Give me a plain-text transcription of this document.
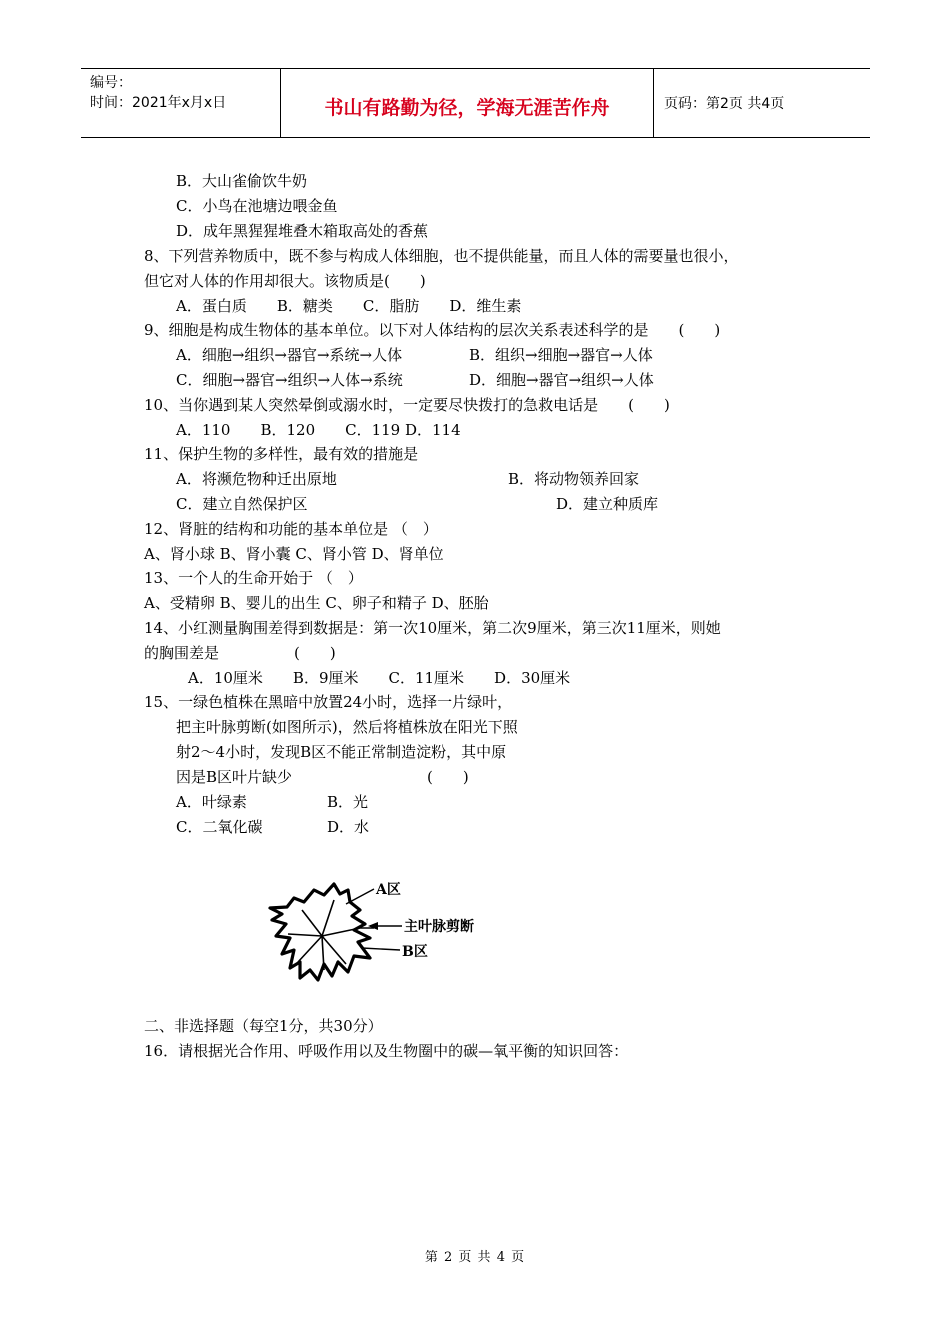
编号：
时间：2021年x月x日	书山有路勤为径，学海无涯苦作舟	页码：第2页 共4页
B．大山雀偷饮牛奶
C．小鸟在池塘边喂金鱼
D．成年黑猩猩堆叠木箱取高处的香蕉
8、下列营养物质中，既不参与构成人体细胞，也不提供能量，而且人体的需要量也很小，
但它对人体的作用却很大。该物质是(　　)
A．蛋白质　　B．糖类　　C．脂肪　　D．维生素
9、细胞是构成生物体的基本单位。以下对人体结构的层次关系表述科学的是　　(　　)
A．细胞→组织→器官→系统→人体	B．组织→细胞→器官→人体
C．细胞→器官→组织→人体→系统	D．细胞→器官→组织→人体
10、当你遇到某人突然晕倒或溺水时，一定要尽快拨打的急救电话是　　(　　)
A．110　　B．120　　C．119 D．114
11、保护生物的多样性，最有效的措施是
A．将濒危物种迁出原地	B．将动物领养回家
C．建立自然保护区	D．建立种质库
12、肾脏的结构和功能的基本单位是 （　）
A、肾小球 B、肾小囊 C、肾小管 D、肾单位
13、一个人的生命开始于 （　）
A、受精卵 B、婴儿的出生 C、卵子和精子 D、胚胎
14、小红测量胸围差得到数据是：第一次10厘米，第二次9厘米，第三次11厘米，则她
的胸围差是　　　　　(　　)
A．10厘米　　B．9厘米　　C．11厘米　　D．30厘米
15、一绿色植株在黑暗中放置24小时，选择一片绿叶，
把主叶脉剪断(如图所示)，然后将植株放在阳光下照
射2～4小时，发现B区不能正常制造淀粉，其中原
因是B区叶片缺少　　　　　　　　　(　　)
A．叶绿素	B．光
C．二氧化碳	D．水
A区
主叶脉剪断
B区
二、非选择题（每空1分，共30分）
16．请根据光合作用、呼吸作用以及生物圈中的碳—氧平衡的知识回答：
第 2 页 共 4 页
